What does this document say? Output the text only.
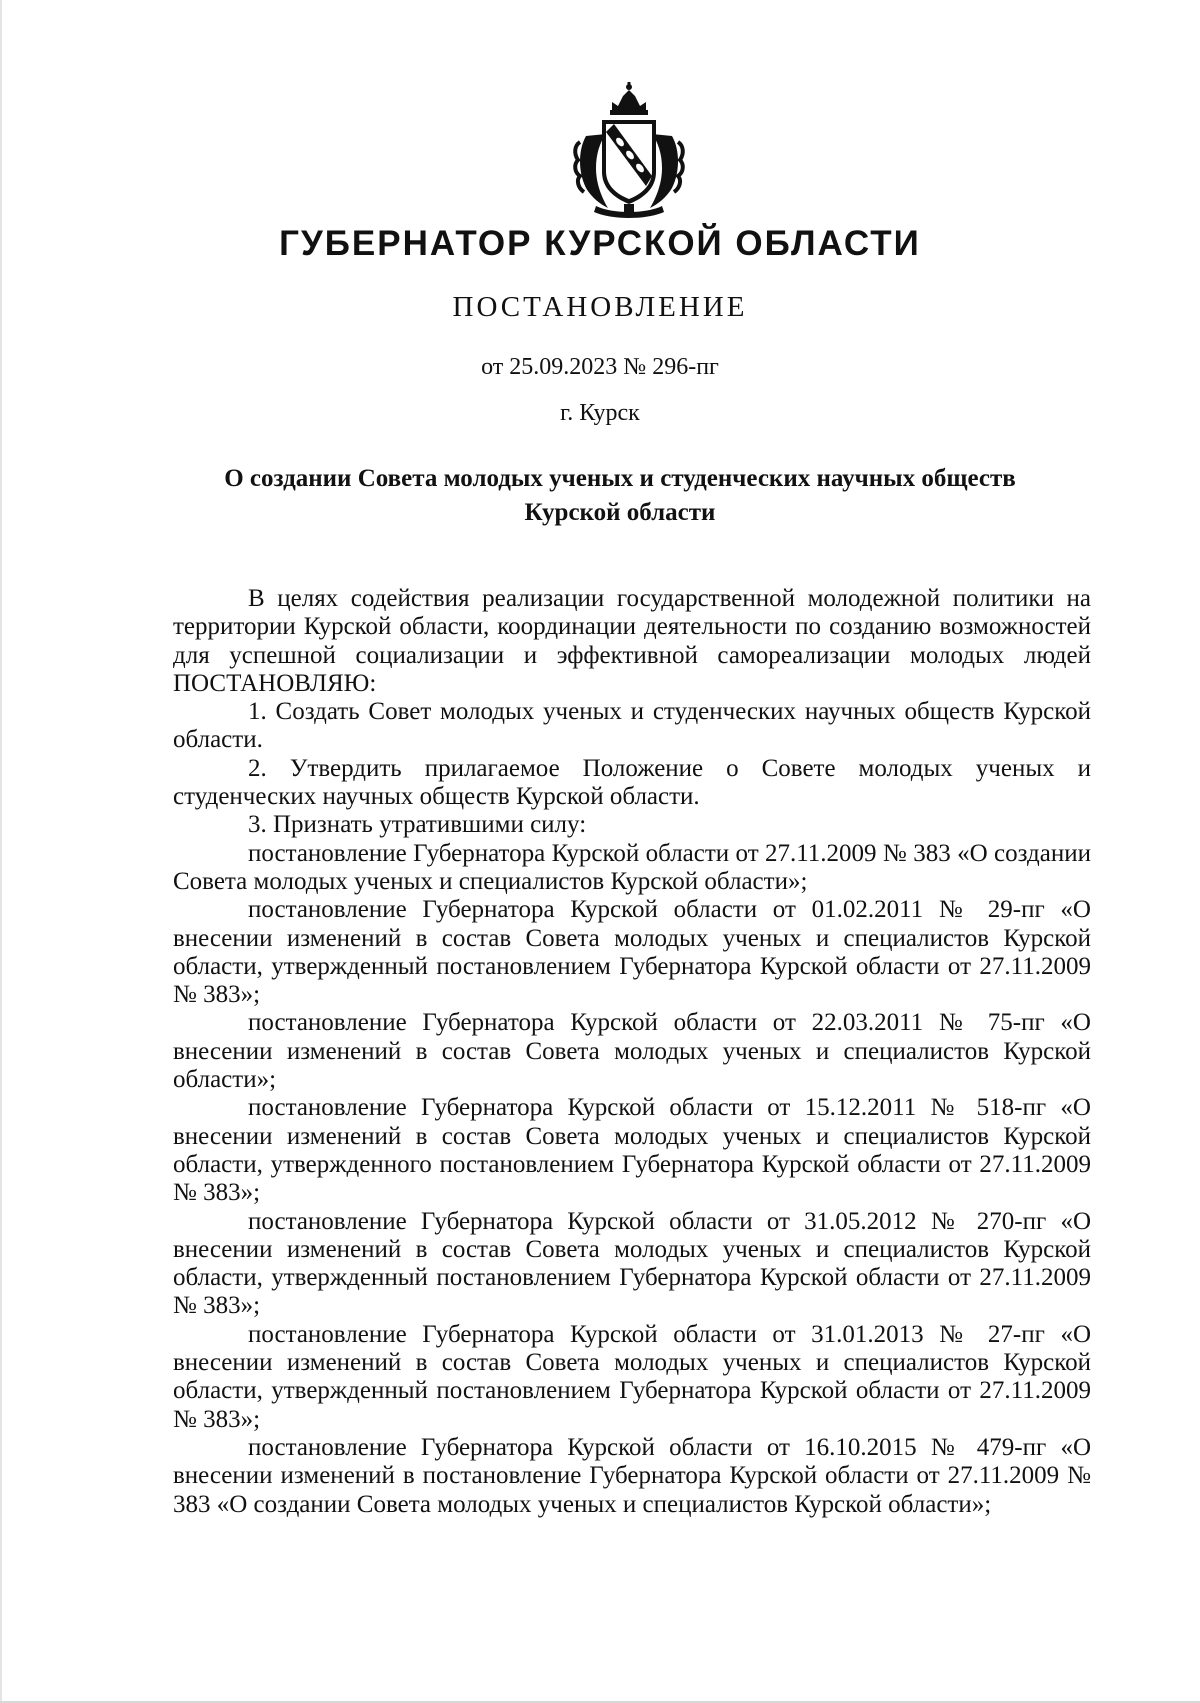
ГУБЕРНАТОР КУРСКОЙ ОБЛАСТИ
ПОСТАНОВЛЕНИЕ
от 25.09.2023 № 296-пг
г. Курск
О создании Совета молодых ученых и студенческих научных обществ
Курской области

В целях содействия реализации государственной молодежной политики на территории Курской области, координации деятельности по созданию возможностей для успешной социализации и эффективной самореализации молодых людей ПОСТАНОВЛЯЮ:

1. Создать Совет молодых ученых и студенческих научных обществ Курской области.

2. Утвердить прилагаемое Положение о Совете молодых ученых и студенческих научных обществ Курской области.

3. Признать утратившими силу:

постановление Губернатора Курской области от 27.11.2009 № 383 «О создании Совета молодых ученых и специалистов Курской области»;

постановление Губернатора Курской области от 01.02.2011 № 29-пг «О внесении изменений в состав Совета молодых ученых и специалистов Курской области, утвержденный постановлением Губернатора Курской области от 27.11.2009 № 383»;

постановление Губернатора Курской области от 22.03.2011 № 75-пг «О внесении изменений в состав Совета молодых ученых и специалистов Курской области»;

постановление Губернатора Курской области от 15.12.2011 № 518-пг «О внесении изменений в состав Совета молодых ученых и специалистов Курской области, утвержденного постановлением Губернатора Курской области от 27.11.2009 № 383»;

постановление Губернатора Курской области от 31.05.2012 № 270-пг «О внесении изменений в состав Совета молодых ученых и специалистов Курской области, утвержденный постановлением Губернатора Курской области от 27.11.2009 № 383»;

постановление Губернатора Курской области от 31.01.2013 № 27-пг «О внесении изменений в состав Совета молодых ученых и специалистов Курской области, утвержденный постановлением Губернатора Курской области от 27.11.2009 № 383»;

постановление Губернатора Курской области от 16.10.2015 № 479-пг «О внесении изменений в постановление Губернатора Курской области от 27.11.2009 № 383 «О создании Совета молодых ученых и специалистов Курской области»;
